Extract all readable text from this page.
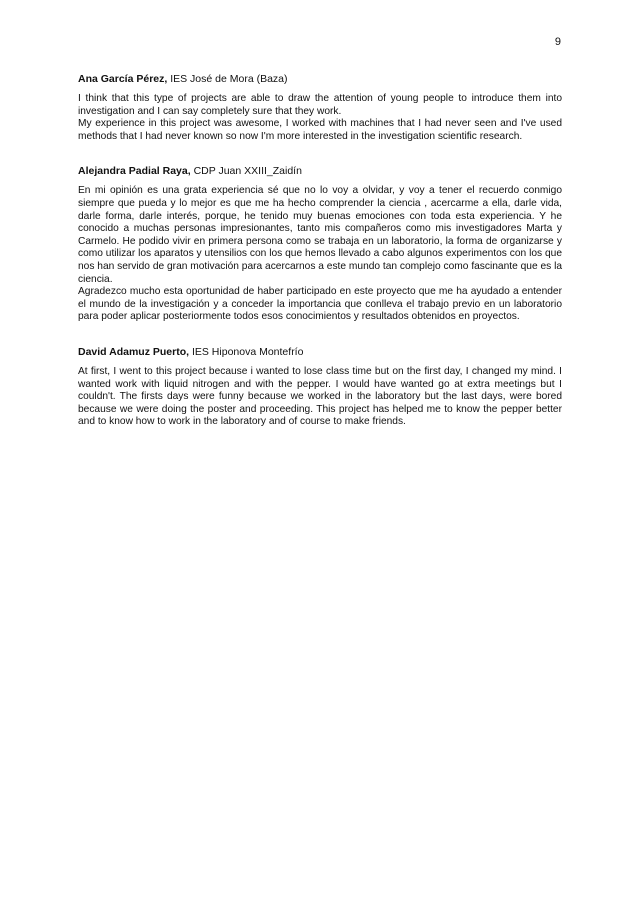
9

Ana García Pérez, IES José de Mora (Baza)

I think that this type of projects are able to draw the attention of young people to introduce them into investigation and I can say completely sure that they work.

My experience in this project was awesome, I worked with machines that I had never seen and I've used methods that I had never known so now I'm more interested in the investigation scientific research.

Alejandra Padial Raya, CDP Juan XXIII_Zaidín

En mi opinión es una grata experiencia sé que no lo voy a olvidar, y voy a tener el recuerdo conmigo siempre que pueda y lo mejor es que me ha hecho comprender la ciencia , acercarme a ella, darle vida, darle forma, darle interés, porque, he tenido muy buenas emociones con toda esta experiencia. Y he conocido a muchas personas impresionantes, tanto mis compañeros como mis investigadores Marta y Carmelo. He podido vivir en primera persona como se trabaja en un laboratorio, la forma de organizarse y como utilizar los aparatos y utensilios con los que hemos llevado a cabo algunos experimentos con los que nos han servido de gran motivación para acercarnos a este mundo tan complejo como fascinante que es la ciencia.

Agradezco mucho esta oportunidad de haber participado en este proyecto que me ha ayudado a entender el mundo de la investigación y a conceder la importancia que conlleva el trabajo previo en un laboratorio para poder aplicar posteriormente todos esos conocimientos y resultados obtenidos en proyectos.

David Adamuz Puerto, IES Hiponova Montefrío

At first, I went to this project because i wanted to lose class time but on the first day, I changed my mind. I wanted work with liquid nitrogen and with the pepper. I would have wanted go at extra meetings but I couldn't. The firsts days were funny because we worked in the laboratory but the last days, were bored because we were doing the poster and proceeding. This project has helped me to know the pepper better and to know how to work in the laboratory and of course to make friends.
